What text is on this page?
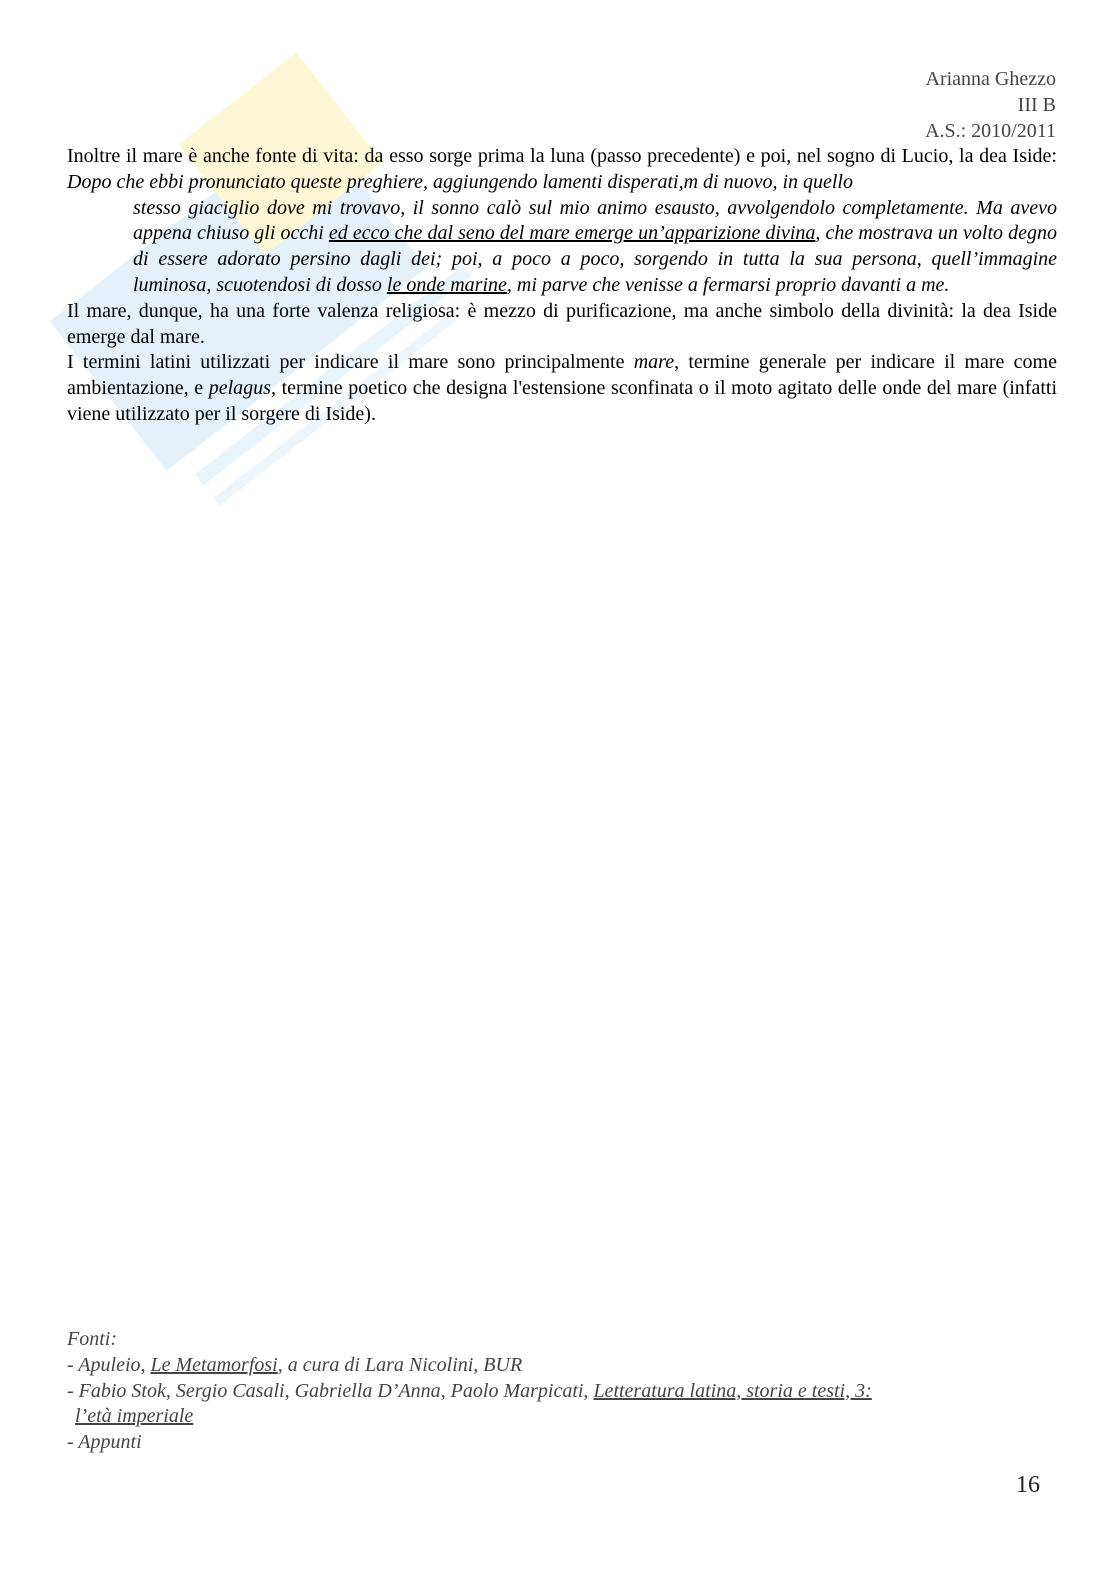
Arianna Ghezzo
III B
A.S.: 2010/2011

Inoltre il mare è anche fonte di vita: da esso sorge prima la luna (passo precedente) e poi, nel sogno di Lucio, la dea Iside: Dopo che ebbi pronunciato queste preghiere, aggiungendo lamenti disperati,m di nuovo, in quello

stesso giaciglio dove mi trovavo, il sonno calò sul mio animo esausto, avvolgendolo completamente. Ma avevo appena chiuso gli occhi ed ecco che dal seno del mare emerge un’apparizione divina, che mostrava un volto degno di essere adorato persino dagli dei; poi, a poco a poco, sorgendo in tutta la sua persona, quell’immagine luminosa, scuotendosi di dosso le onde marine, mi parve che venisse a fermarsi proprio davanti a me.

Il mare, dunque, ha una forte valenza religiosa: è mezzo di purificazione, ma anche simbolo della divinità: la dea Iside emerge dal mare.

I termini latini utilizzati per indicare il mare sono principalmente mare, termine generale per indicare il mare come ambientazione, e pelagus, termine poetico che designa l'estensione sconfinata o il moto agitato delle onde del mare (infatti viene utilizzato per il sorgere di Iside).

Fonti:
- Apuleio, Le Metamorfosi, a cura di Lara Nicolini, BUR
- Fabio Stok, Sergio Casali, Gabriella D’Anna, Paolo Marpicati, Letteratura latina, storia e testi, 3:
l’età imperiale
- Appunti
16
